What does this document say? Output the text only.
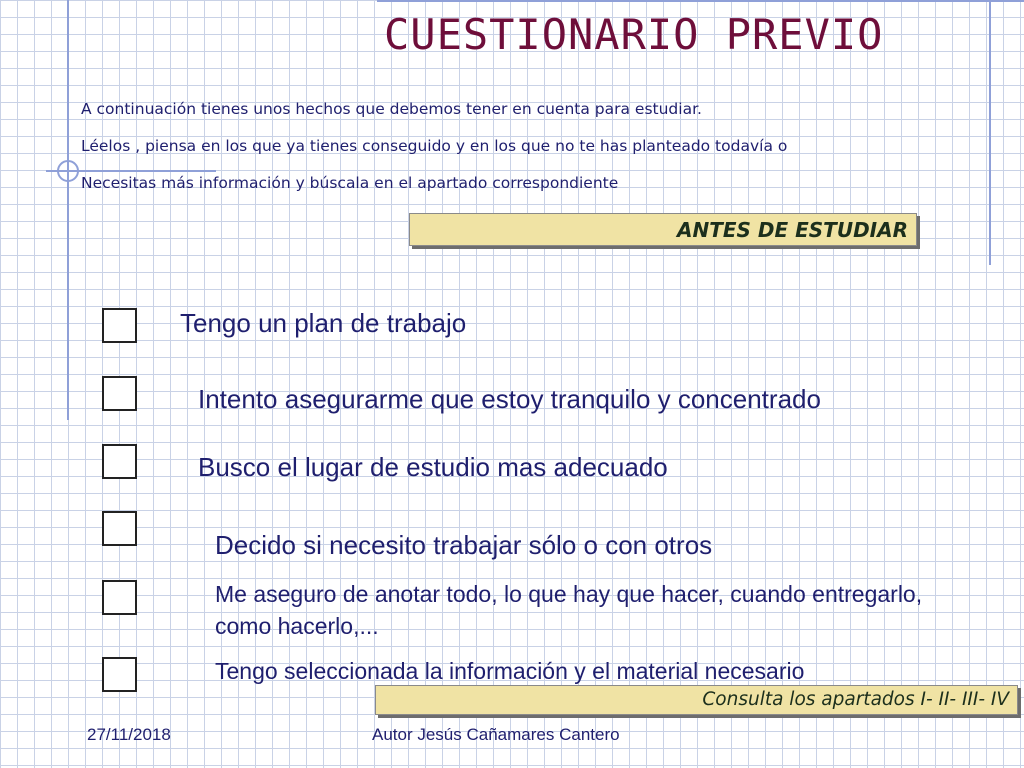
CUESTIONARIO PREVIO
A continuación tienes unos hechos que debemos tener en cuenta para estudiar.
Léelos , piensa en los que ya tienes conseguido y en los que no te has planteado todavía o
Necesitas más información y búscala en el apartado correspondiente
ANTES DE ESTUDIAR
Tengo un plan de trabajo
Intento asegurarme que estoy tranquilo y concentrado
Busco el lugar de estudio mas adecuado
Decido si necesito trabajar sólo o con otros
Me aseguro de anotar todo, lo que hay que hacer, cuando entregarlo,
como hacerlo,...
Tengo seleccionada la información y el material necesario
Consulta los apartados I- II- III- IV
27/11/2018	Autor Jesús Cañamares Cantero
